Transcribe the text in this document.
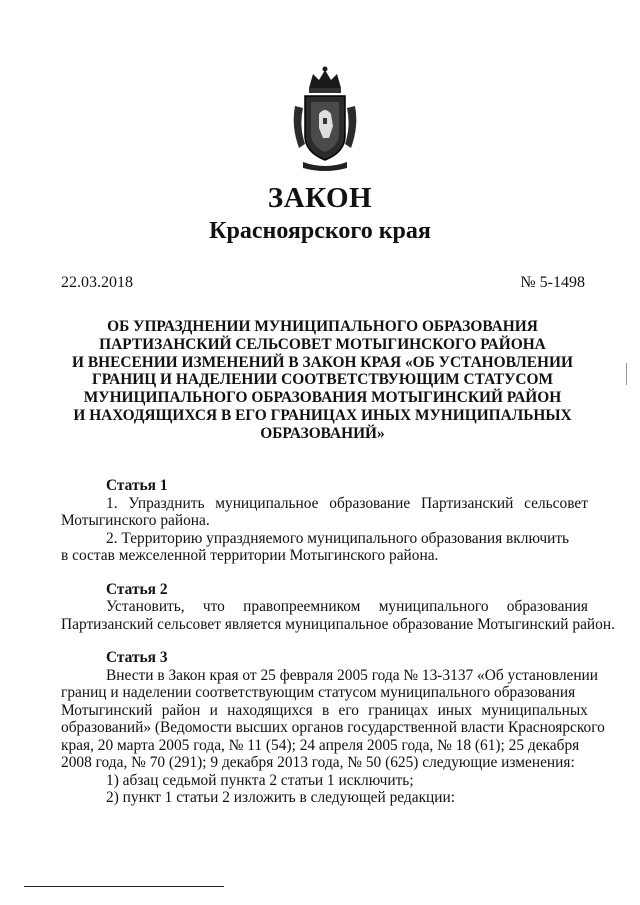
ЗАКОН
Красноярского края
22.03.2018	№ 5-1498
ОБ УПРАЗДНЕНИИ МУНИЦИПАЛЬНОГО ОБРАЗОВАНИЯ
ПАРТИЗАНСКИЙ СЕЛЬСОВЕТ МОТЫГИНСКОГО РАЙОНА
И ВНЕСЕНИИ ИЗМЕНЕНИЙ В ЗАКОН КРАЯ «ОБ УСТАНОВЛЕНИИ
ГРАНИЦ И НАДЕЛЕНИИ СООТВЕТСТВУЮЩИМ СТАТУСОМ
МУНИЦИПАЛЬНОГО ОБРАЗОВАНИЯ МОТЫГИНСКИЙ РАЙОН
И НАХОДЯЩИХСЯ В ЕГО ГРАНИЦАХ ИНЫХ МУНИЦИПАЛЬНЫХ
ОБРАЗОВАНИЙ»

Статья 1

1. Упразднить муниципальное образование Партизанский сельсовет

Мотыгинского района.

2. Территорию упраздняемого муниципального образования включить

в состав межселенной территории Мотыгинского района.

Статья 2

Установить, что правопреемником муниципального образования

Партизанский сельсовет является муниципальное образование Мотыгинский район.

Статья 3

Внести в Закон края от 25 февраля 2005 года № 13-3137 «Об установлении

границ и наделении соответствующим статусом муниципального образования

Мотыгинский район и находящихся в его границах иных муниципальных

образований» (Ведомости высших органов государственной власти Красноярского

края, 20 марта 2005 года, № 11 (54); 24 апреля 2005 года, № 18 (61); 25 декабря

2008 года, № 70 (291); 9 декабря 2013 года, № 50 (625) следующие изменения:

1) абзац седьмой пункта 2 статьи 1 исключить;

2) пункт 1 статьи 2 изложить в следующей редакции:
